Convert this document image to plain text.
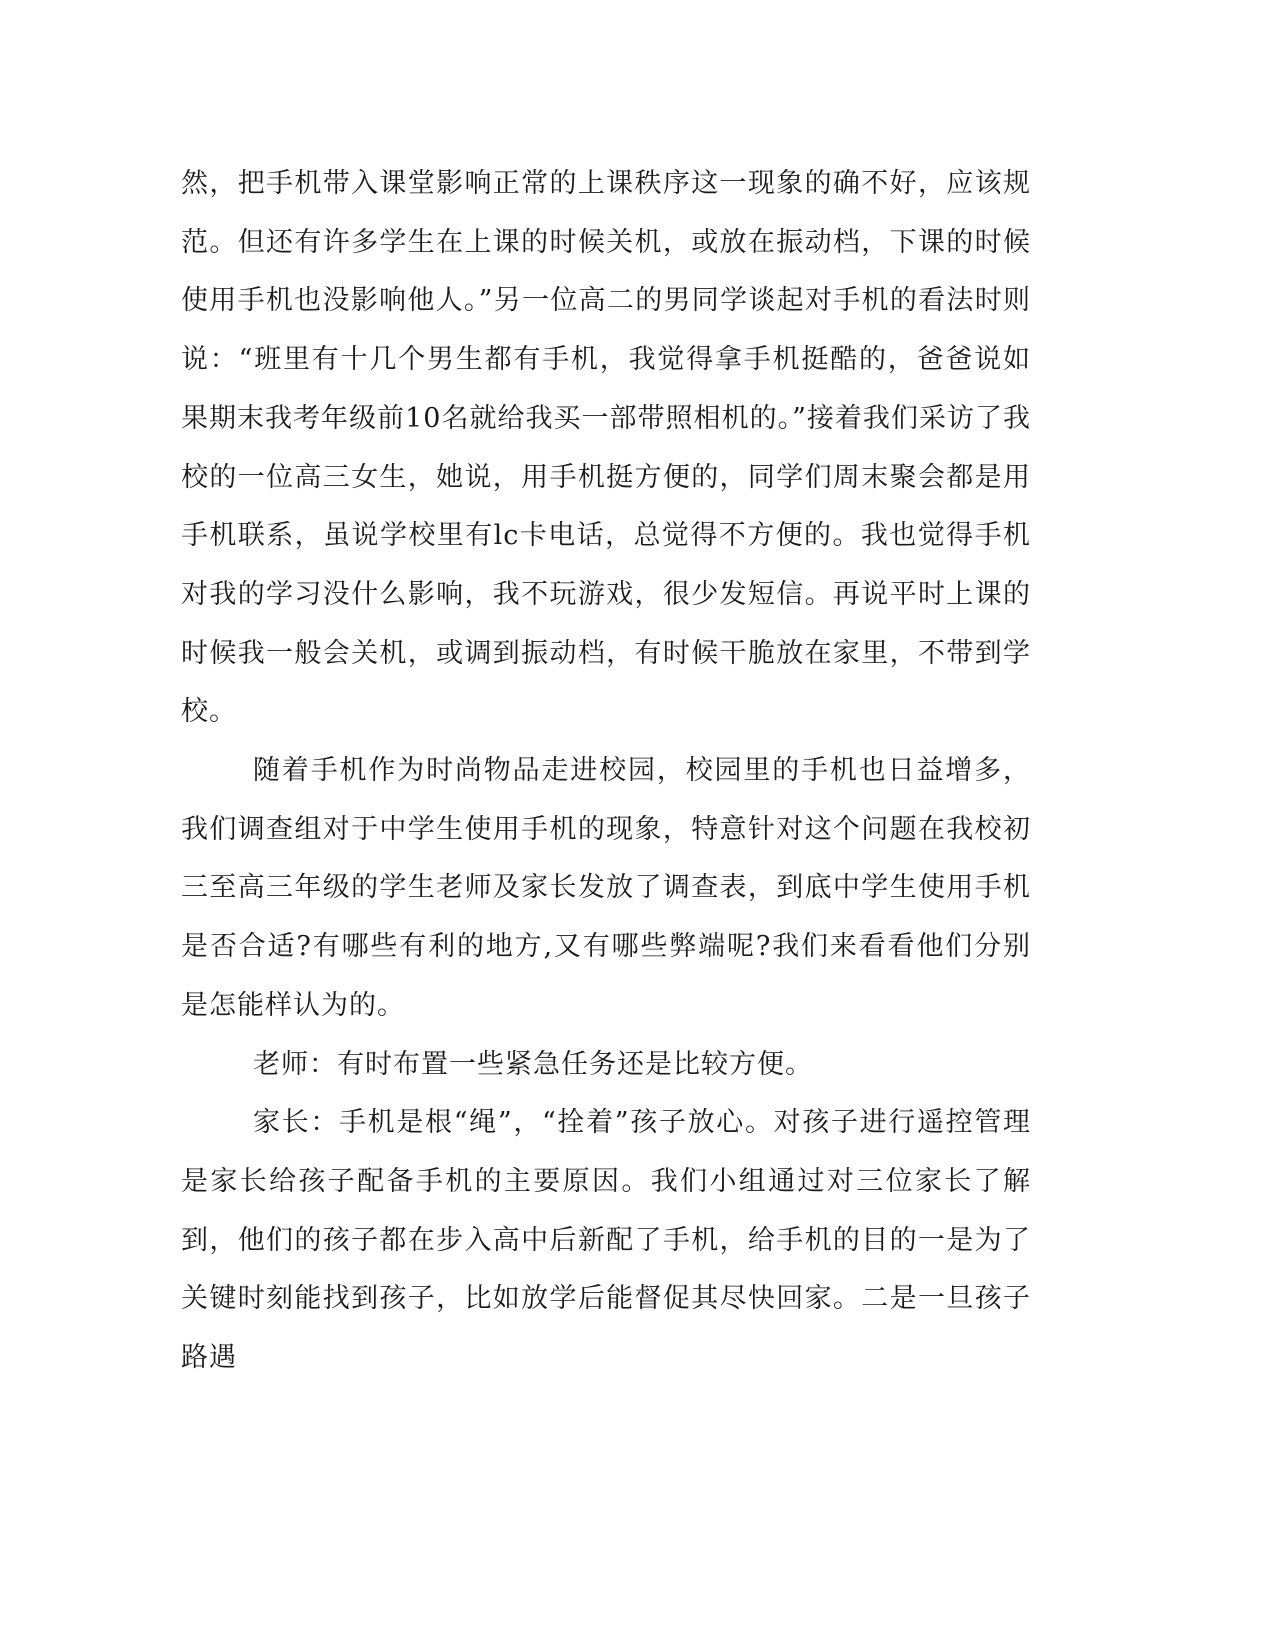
然，把手机带入课堂影响正常的上课秩序这一现象的确不好，应该规范。但还有许多学生在上课的时候关机，或放在振动档，下课的时候使用手机也没影响他人。”另一位高二的男同学谈起对手机的看法时则说：“班里有十几个男生都有手机，我觉得拿手机挺酷的，爸爸说如果期末我考年级前10名就给我买一部带照相机的。”接着我们采访了我校的一位高三女生，她说，用手机挺方便的，同学们周末聚会都是用手机联系，虽说学校里有lc卡电话，总觉得不方便的。我也觉得手机对我的学习没什么影响，我不玩游戏，很少发短信。再说平时上课的时候我一般会关机，或调到振动档，有时候干脆放在家里，不带到学校。

随着手机作为时尚物品走进校园，校园里的手机也日益增多，我们调查组对于中学生使用手机的现象，特意针对这个问题在我校初三至高三年级的学生老师及家长发放了调查表，到底中学生使用手机是否合适?有哪些有利的地方,又有哪些弊端呢?我们来看看他们分别是怎能样认为的。

老师：有时布置一些紧急任务还是比较方便。

家长：手机是根“绳”，“拴着”孩子放心。对孩子进行遥控管理是家长给孩子配备手机的主要原因。我们小组通过对三位家长了解到，他们的孩子都在步入高中后新配了手机，给手机的目的一是为了关键时刻能找到孩子，比如放学后能督促其尽快回家。二是一旦孩子路遇
